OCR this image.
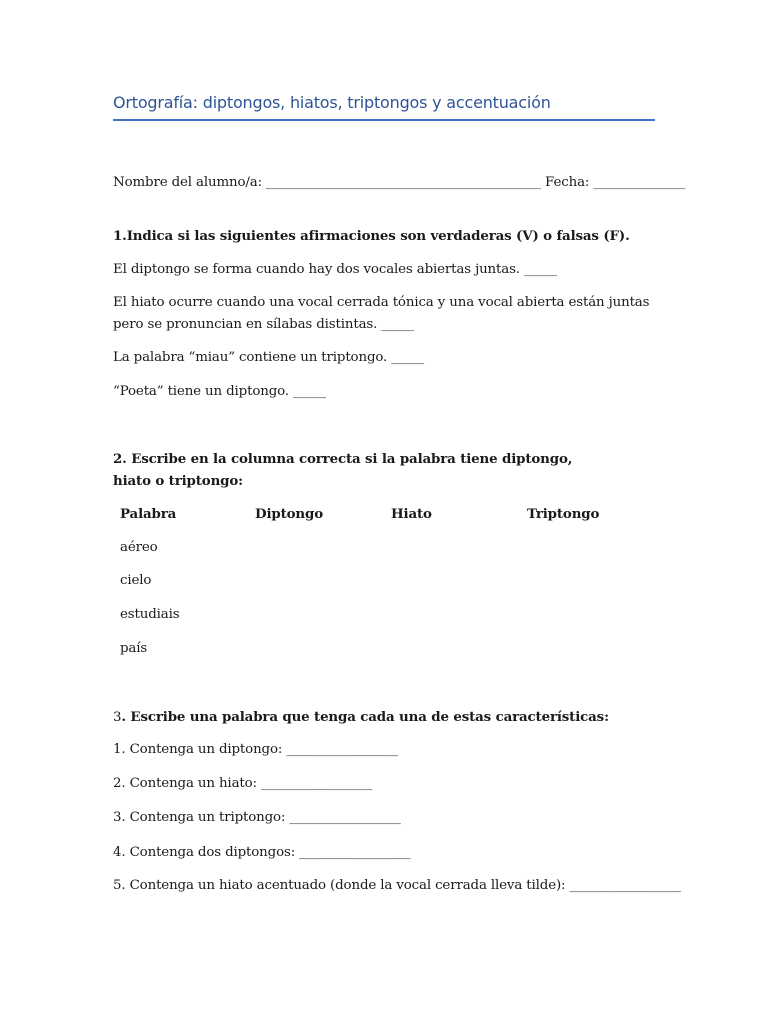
Ortografía: diptongos, hiatos, triptongos y accentuación
Nombre del alumno/a: __________________________________________ Fecha: ______________
1.Indica si las siguientes afirmaciones son verdaderas (V) o falsas (F).
El diptongo se forma cuando hay dos vocales abiertas juntas. _____
El hiato ocurre cuando una vocal cerrada tónica y una vocal abierta están juntas pero se pronuncian en sílabas distintas. _____
La palabra “miau” contiene un triptongo. _____
“Poeta” tiene un diptongo. _____
2. Escribe en la columna correcta si la palabra tiene diptongo, hiato o triptongo:
Palabra	Diptongo	Hiato	Triptongo
aéreo
cielo
estudiais
país
3. Escribe una palabra que tenga cada una de estas características:
1. Contenga un diptongo: _________________
2. Contenga un hiato: _________________
3. Contenga un triptongo: _________________
4. Contenga dos diptongos: _________________
5. Contenga un hiato acentuado (donde la vocal cerrada lleva tilde): _________________
